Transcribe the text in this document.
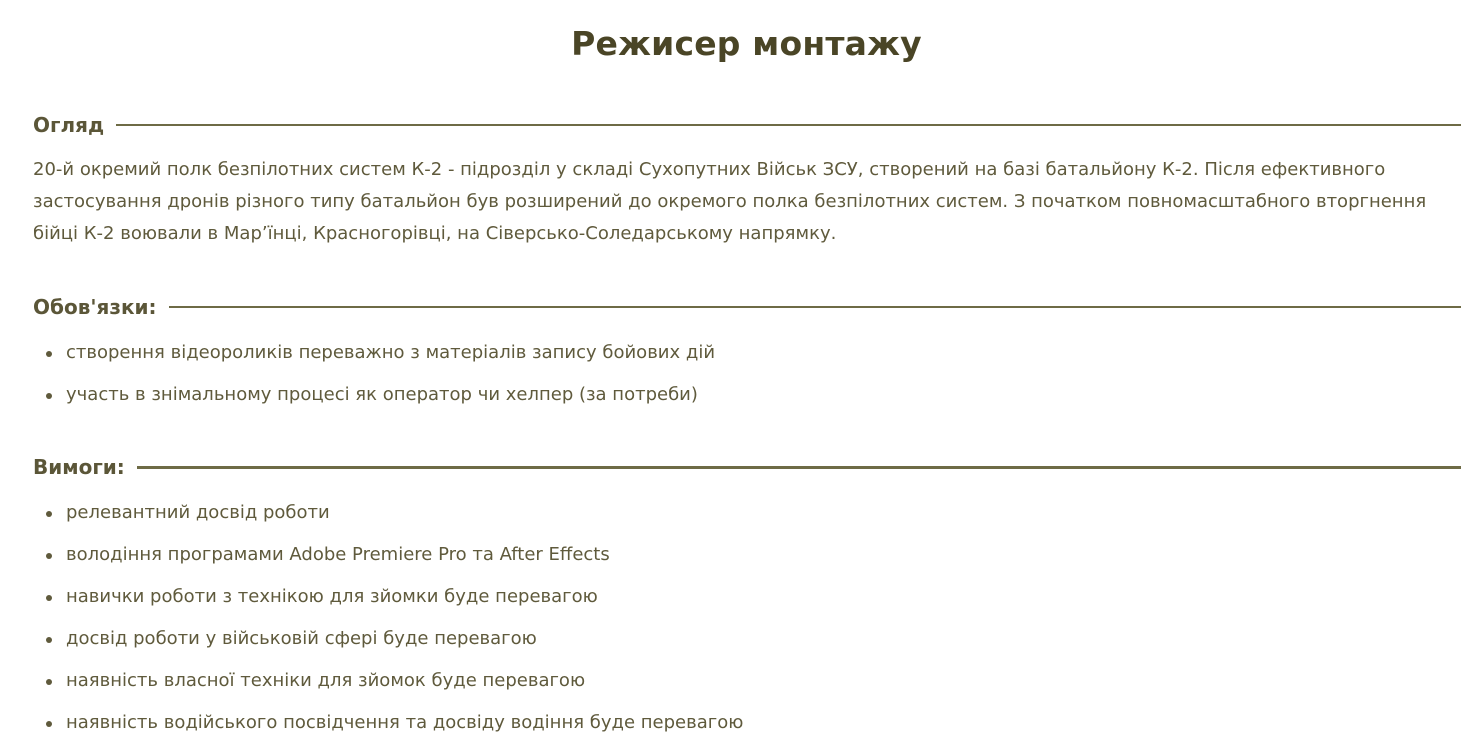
Режисер монтажу
Огляд

20-й окремий полк безпілотних систем К-2 - підрозділ у складі Сухопутних Військ ЗСУ, створений на базі батальйону К-2. Після ефективного застосування дронів різного типу батальйон був розширений до окремого полка безпілотних систем. З початком повномасштабного вторгнення бійці К-2 воювали в Мар’їнці, Красногорівці, на Сіверсько-Соледарському напрямку.

Обов'язки:
створення відеороликів переважно з матеріалів запису бойових дій
участь в знімальному процесі як оператор чи хелпер (за потреби)
Вимоги:
релевантний досвід роботи
володіння програмами Adobe Premiere Pro та After Effects
навички роботи з технікою для зйомки буде перевагою
досвід роботи у військовій сфері буде перевагою
наявність власної техніки для зйомок буде перевагою
наявність водійського посвідчення та досвіду водіння буде перевагою
